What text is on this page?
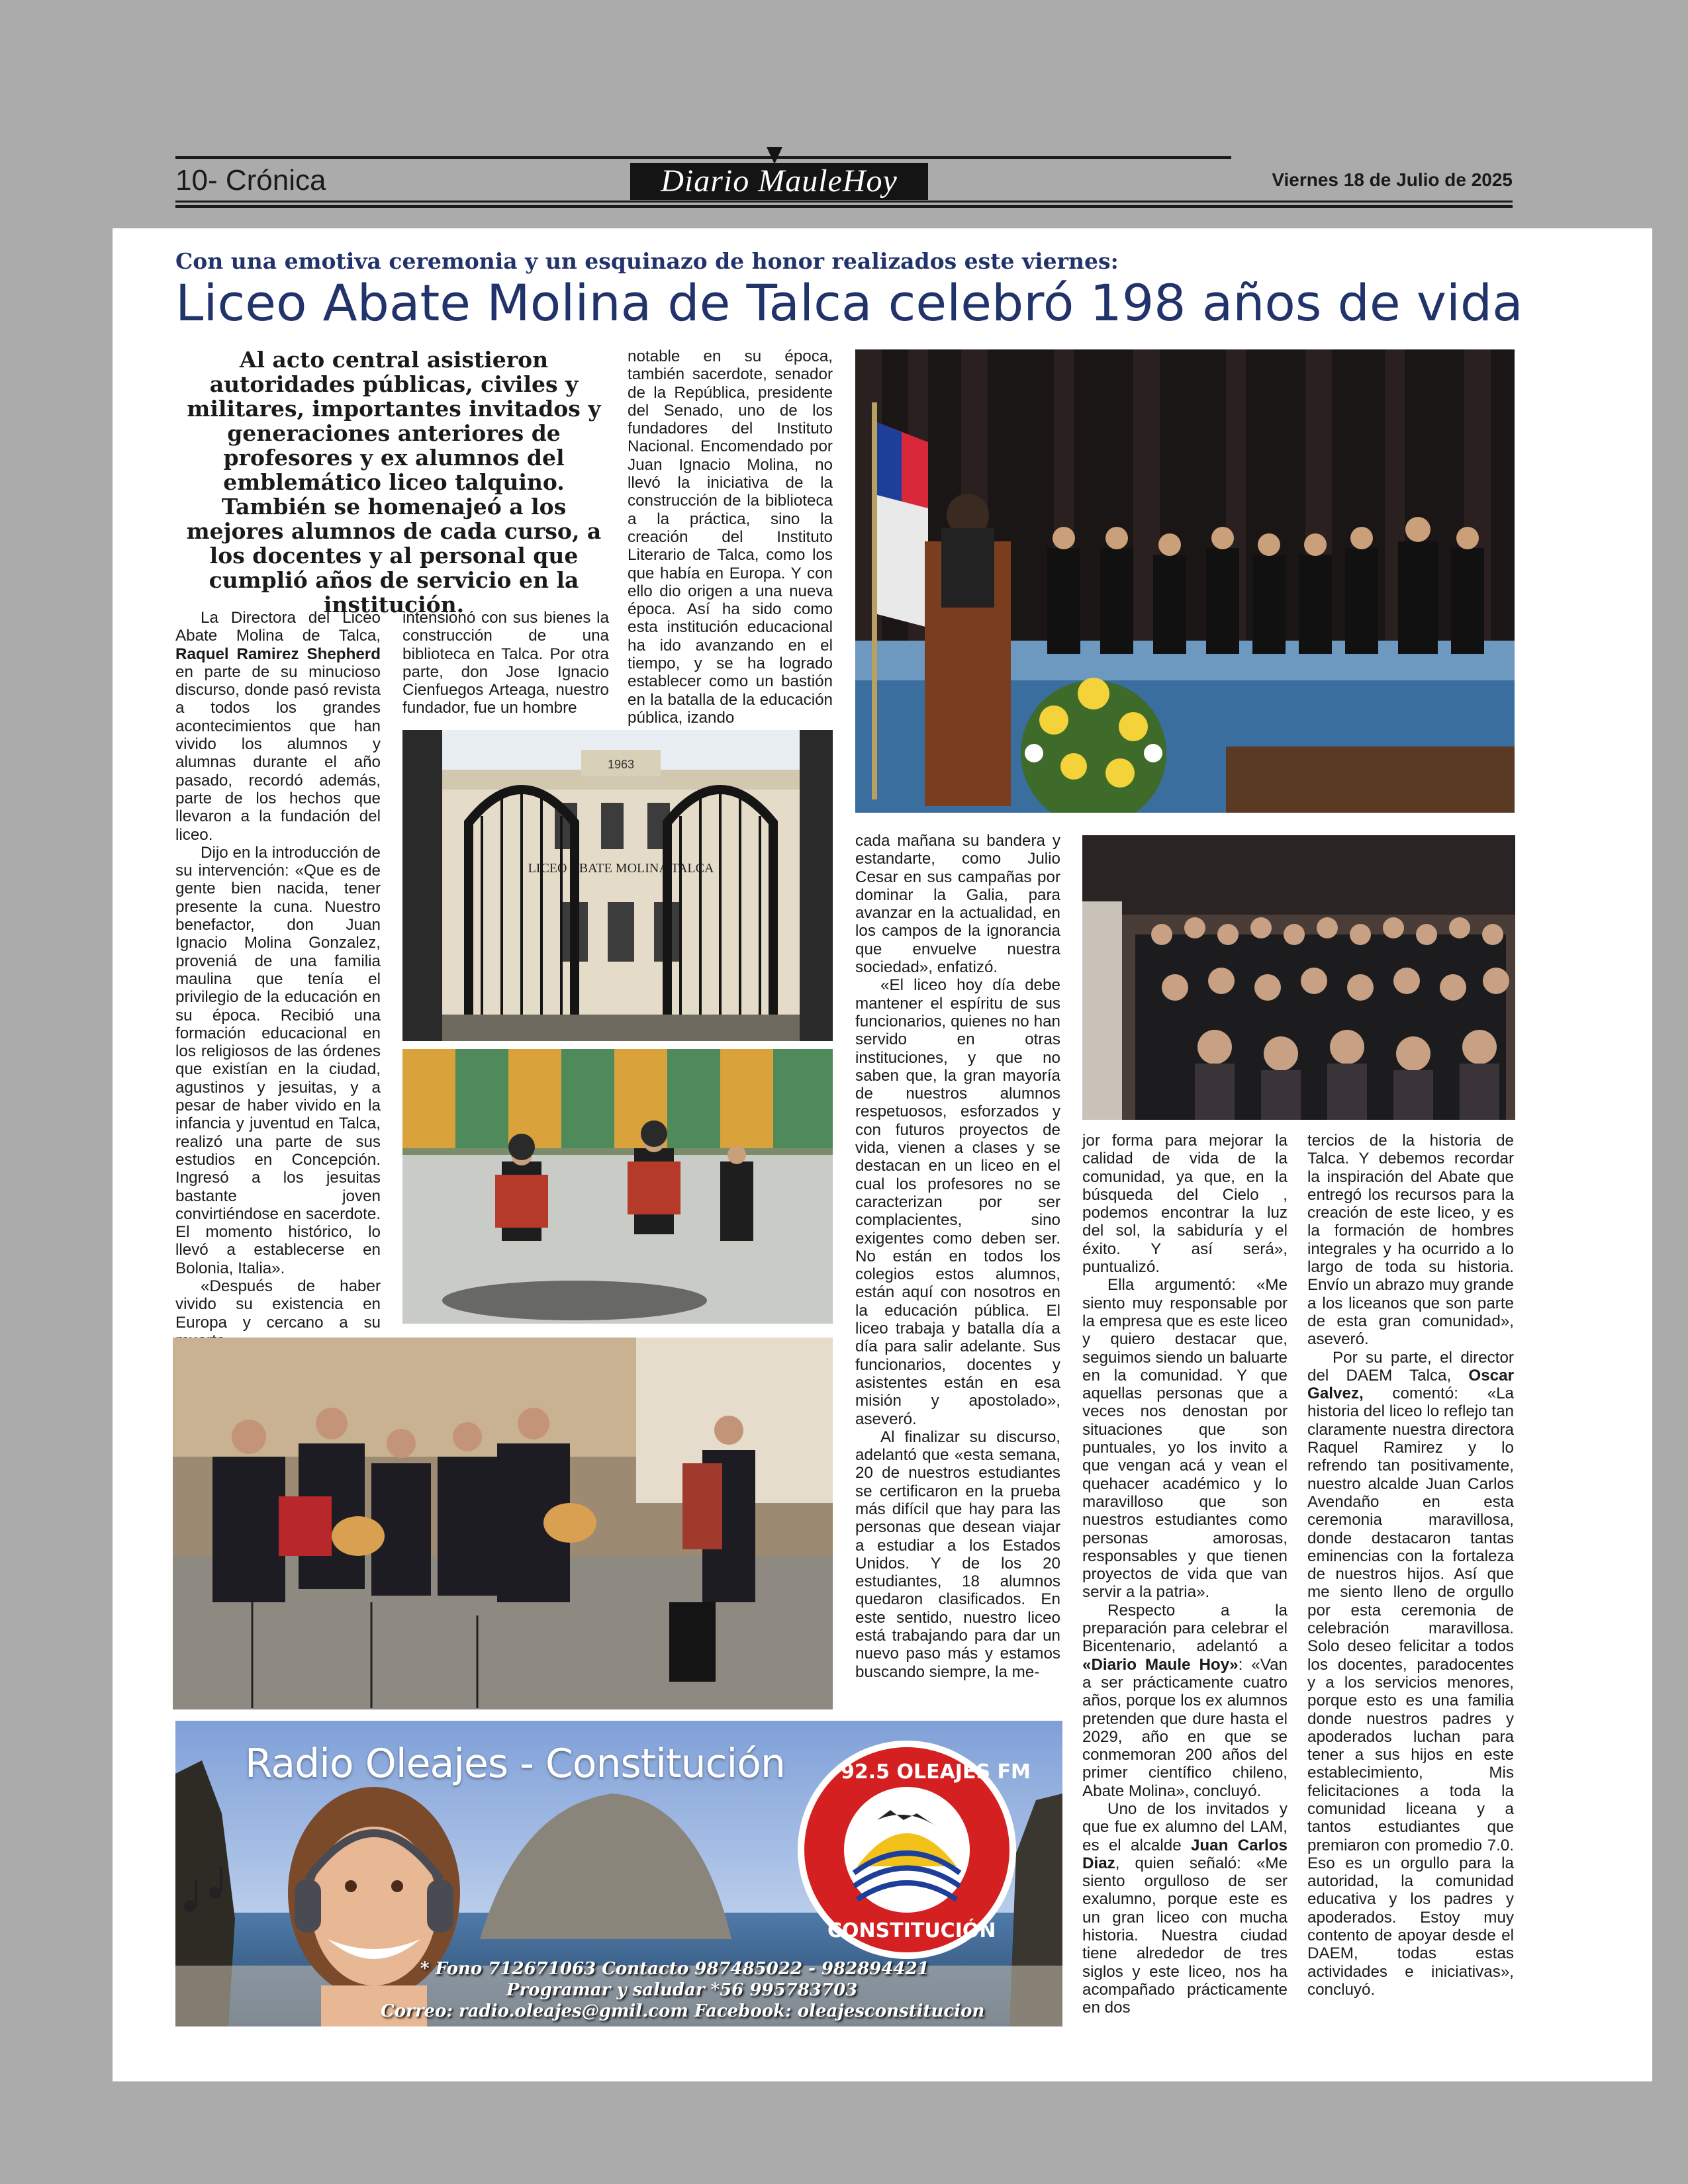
10- Crónica	Diario MauleHoy	Viernes 18 de Julio de 2025
Con una emotiva ceremonia y un esquinazo de honor realizados este viernes:
Liceo Abate Molina de Talca celebró 198 años de vida
Al acto central asistieron autoridades públicas, civiles y militares, importantes invitados y generaciones anteriores de profesores y ex alumnos del emblemático liceo talquino. También se homenajeó a los mejores alumnos de cada curso, a los docentes y al personal que cumplió años de servicio en la institución.

La Directora del Liceo Abate Molina de Talca, Raquel Ramirez Shepherd en parte de su minucioso discurso, donde pasó revista a todos los grandes acontecimientos que han vivido los alumnos y alumnas durante el año pasado, recordó además, parte de los hechos que llevaron a la fundación del liceo.

Dijo en la introducción de su intervención: «Que es de gente bien nacida, tener presente la cuna. Nuestro benefactor, don Juan Ignacio Molina Gonzalez, proveniá de una familia maulina que tenía el privilegio de la educación en su época. Recibió una formación educacional en los religiosos de las órdenes que existían en la ciudad, agustinos y jesuitas, y a pesar de haber vivido en la infancia y juventud en Talca, realizó una parte de sus estudios en Concepción. Ingresó a los jesuitas bastante joven convirtiéndose en sacerdote. El momento histórico, lo llevó a establecerse en Bolonia, Italia».

«Después de haber vivido su existencia en Europa y cercano a su

intensionó con sus bienes la construcción de una biblioteca en Talca. Por otra parte, don Jose Ignacio Cienfuegos Arteaga, nuestro fundador, fue un hombre

notable en su época, también sacerdote, senador de la República, presidente del Senado, uno de los fundadores del Instituto Nacional. Encomendado por Juan Ignacio Molina, no llevó la iniciativa de la construcción de la biblioteca a la práctica, sino la creación del Instituto Literario de Talca, como los que había en Europa. Y con ello dio origen a una nueva época. Así ha sido como esta institución educacional ha ido avanzando en el tiempo, y se ha logrado establecer como un bastión en la batalla de la educación pública, izando

1963
LICEO ABATE MOLINA TALCA

cada mañana su bandera y estandarte, como Julio Cesar en sus campañas por dominar la Galia, para avanzar en la actualidad, en los campos de la ignorancia que envuelve nuestra sociedad», enfatizó.

«El liceo hoy día debe mantener el espíritu de sus funcionarios, quienes no han servido en otras instituciones, y que no saben que, la gran mayoría de nuestros alumnos respetuosos, esforzados y con futuros proyectos de vida, vienen a clases y se destacan en un liceo en el cual los profesores no se caracterizan por ser complacientes, sino exigentes como deben ser. No están en todos los colegios estos alumnos, están aquí con nosotros en la educación pública. El liceo trabaja y batalla día a día para salir adelante. Sus funcionarios, docentes y asistentes están en esa misión y apostolado», aseveró.

Al finalizar su discurso, adelantó que «esta semana, 20 de nuestros estudiantes se certificaron en la prueba más difícil que hay para las personas que desean viajar a estudiar a los Estados Unidos. Y de los 20 estudiantes, 18 alumnos quedaron clasificados. En este sentido, nuestro liceo está trabajando para dar un nuevo paso más y estamos buscando siempre, la me-

jor forma para mejorar la calidad de vida de la comunidad, ya que, en la búsqueda del Cielo , podemos encontrar la luz del sol, la sabiduría y el éxito. Y así será», puntualizó.

Ella argumentó: «Me siento muy responsable por la empresa que es este liceo y quiero destacar que, seguimos siendo un baluarte en la comunidad. Y que aquellas personas que a veces nos denostan por situaciones que son puntuales, yo los invito a que vengan acá y vean el quehacer académico y lo maravilloso que son nuestros estudiantes como personas amorosas, responsables y que tienen proyectos de vida que van servir a la patria».

Respecto a la preparación para celebrar el Bicentenario, adelantó a «Diario Maule Hoy»: «Van a ser prácticamente cuatro años, porque los ex alumnos pretenden que dure hasta el 2029, año en que se conmemoran 200 años del primer científico chileno, Abate Molina», concluyó.

Uno de los invitados y que fue ex alumno del LAM, es el alcalde Juan Carlos Diaz, quien señaló: «Me siento orgulloso de ser exalumno, porque este es un gran liceo con mucha historia. Nuestra ciudad tiene alrededor de tres siglos y este liceo, nos ha acompañado prácticamente en dos

tercios de la historia de Talca. Y debemos recordar la inspiración del Abate que entregó los recursos para la creación de este liceo, y es la formación de hombres integrales y ha ocurrido a lo largo de toda su historia. Envío un abrazo muy grande a los liceanos que son parte de esta gran comunidad», aseveró.

Por su parte, el director del DAEM Talca, Oscar Galvez, comentó: «La historia del liceo lo reflejo tan claramente nuestra directora Raquel Ramirez y lo refrendo tan positivamente, nuestro alcalde Juan Carlos Avendaño en esta ceremonia maravillosa, donde destacaron tantas eminencias con la fortaleza de nuestros hijos. Así que me siento lleno de orgullo por esta ceremonia de celebración maravillosa. Solo deseo felicitar a todos los docentes, paradocentes y a los servicios menores, porque esto es una familia donde nuestros padres y apoderados luchan para tener a sus hijos en este establecimiento, Mis felicitaciones a toda la comunidad liceana y a tantos estudiantes que premiaron con promedio 7.0. Eso es un orgullo para la autoridad, la comunidad educativa y los padres y apoderados. Estoy muy contento de apoyar desde el DAEM, todas estas actividades e iniciativas», concluyó.

Radio Oleajes - Constitución	92.5 OLEAJES FM
CONSTITUCIÓN
* Fono 712671063 Contacto 987485022 - 982894421
Programar y saludar *56 995783703
Correo: radio.oleajes@gmil.com Facebook: oleajesconstitucion
